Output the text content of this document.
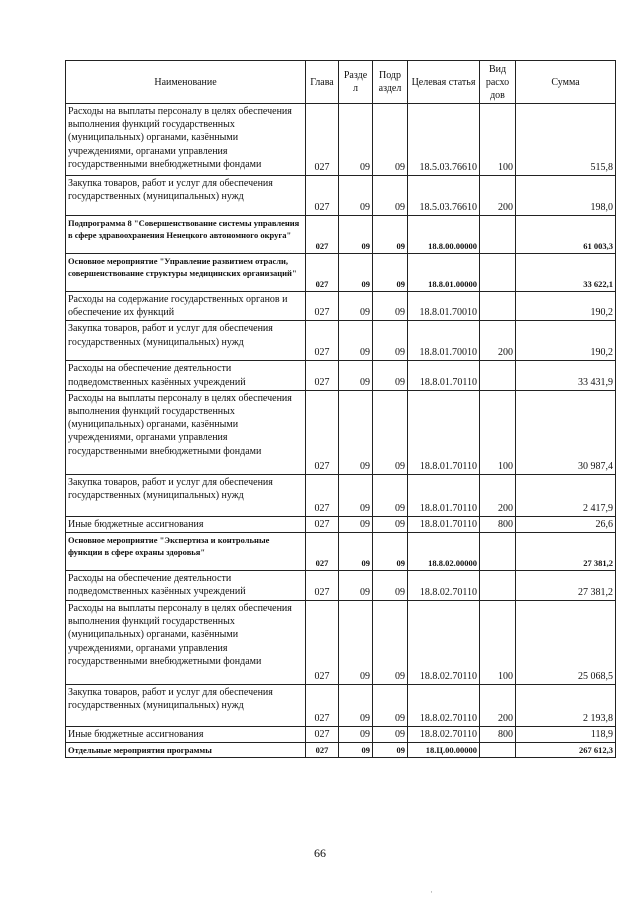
Наименование	Глава	Разде л	Подр аздел	Целевая статья	Вид расхо дов	Сумма
Расходы на выплаты персоналу в целях обеспечения выполнения функций государственных (муниципальных) органами, казёнными учреждениями, органами управления государственными внебюджетными фондами	027	09	09	18.5.03.76610	100	515,8
Закупка товаров, работ и услуг для обеспечения государственных (муниципальных) нужд	027	09	09	18.5.03.76610	200	198,0
Подпрограмма 8 "Совершенствование системы управления в сфере здравоохранения Ненецкого автономного округа"	027	09	09	18.8.00.00000		61 003,3
Основное мероприятие "Управление развитием отрасли, совершенствование структуры медицинских организаций"	027	09	09	18.8.01.00000		33 622,1
Расходы на содержание государственных органов и обеспечение их функций	027	09	09	18.8.01.70010		190,2
Закупка товаров, работ и услуг для обеспечения государственных (муниципальных) нужд	027	09	09	18.8.01.70010	200	190,2
Расходы на обеспечение деятельности подведомственных казённых учреждений	027	09	09	18.8.01.70110		33 431,9
Расходы на выплаты персоналу в целях обеспечения выполнения функций государственных (муниципальных) органами, казёнными учреждениями, органами управления государственными внебюджетными фондами	027	09	09	18.8.01.70110	100	30 987,4
Закупка товаров, работ и услуг для обеспечения государственных (муниципальных) нужд	027	09	09	18.8.01.70110	200	2 417,9
Иные бюджетные ассигнования	027	09	09	18.8.01.70110	800	26,6
Основное мероприятие "Экспертиза и контрольные функции в сфере охраны здоровья"	027	09	09	18.8.02.00000		27 381,2
Расходы на обеспечение деятельности подведомственных казённых учреждений	027	09	09	18.8.02.70110		27 381,2
Расходы на выплаты персоналу в целях обеспечения выполнения функций государственных (муниципальных) органами, казёнными учреждениями, органами управления государственными внебюджетными фондами	027	09	09	18.8.02.70110	100	25 068,5
Закупка товаров, работ и услуг для обеспечения государственных (муниципальных) нужд	027	09	09	18.8.02.70110	200	2 193,8
Иные бюджетные ассигнования	027	09	09	18.8.02.70110	800	118,9
Отдельные мероприятия программы	027	09	09	18.Ц.00.00000		267 612,3
66
·
